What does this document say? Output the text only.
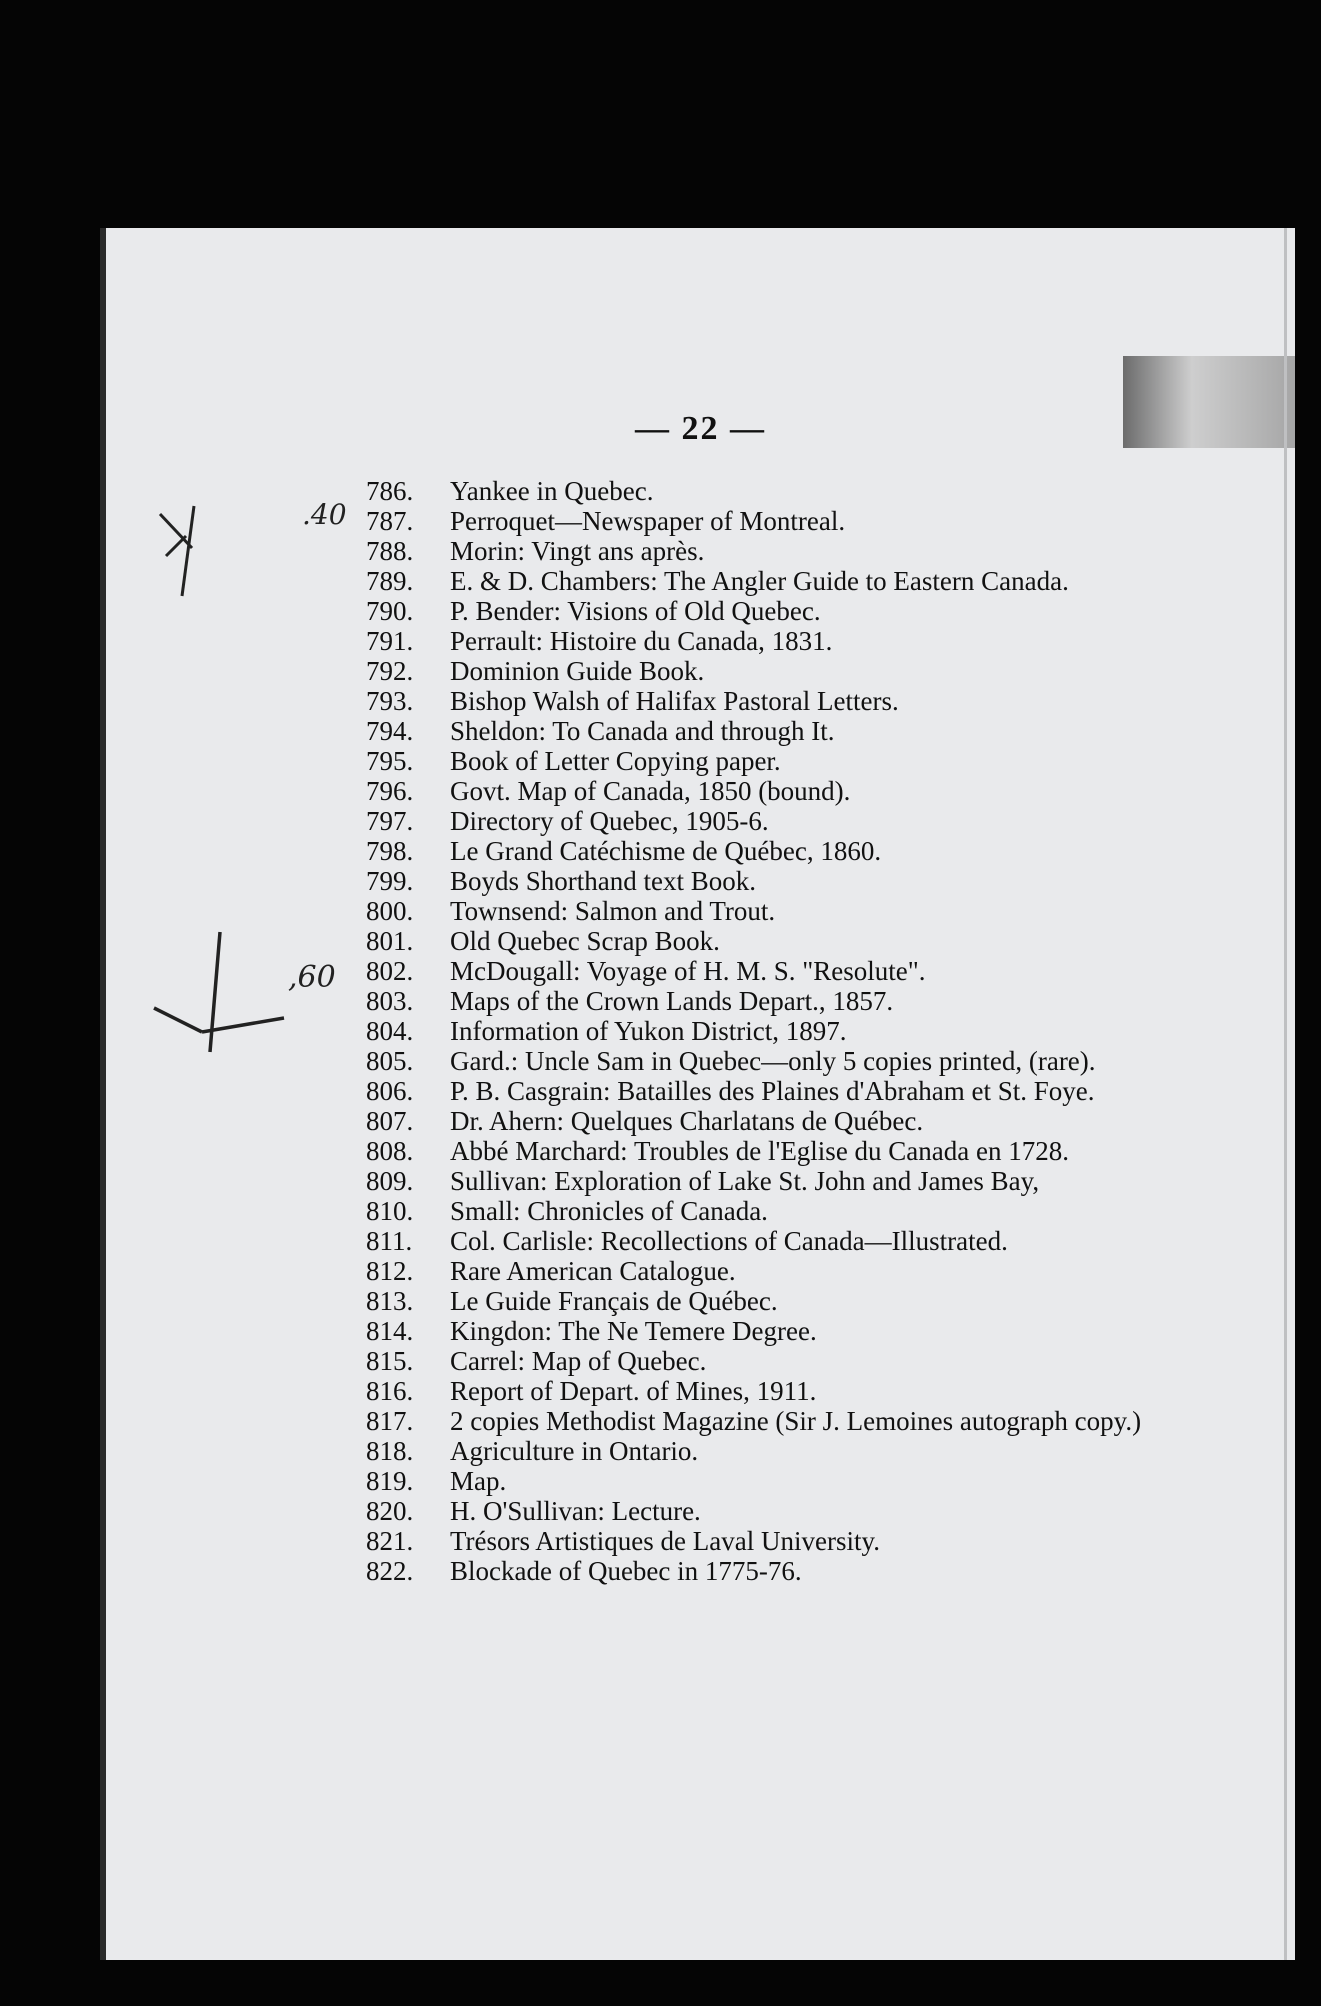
— 22 —
.40
,60
786.	Yankee in Quebec.
787.	Perroquet—Newspaper of Montreal.
788.	Morin: Vingt ans après.
789.	E. & D. Chambers: The Angler Guide to Eastern Canada.
790.	P. Bender: Visions of Old Quebec.
791.	Perrault: Histoire du Canada, 1831.
792.	Dominion Guide Book.
793.	Bishop Walsh of Halifax Pastoral Letters.
794.	Sheldon: To Canada and through It.
795.	Book of Letter Copying paper.
796.	Govt. Map of Canada, 1850 (bound).
797.	Directory of Quebec, 1905-6.
798.	Le Grand Catéchisme de Québec, 1860.
799.	Boyds Shorthand text Book.
800.	Townsend: Salmon and Trout.
801.	Old Quebec Scrap Book.
802.	McDougall: Voyage of H. M. S. "Resolute".
803.	Maps of the Crown Lands Depart., 1857.
804.	Information of Yukon District, 1897.
805.	Gard.: Uncle Sam in Quebec—only 5 copies printed, (rare).
806.	P. B. Casgrain: Batailles des Plaines d'Abraham et St. Foye.
807.	Dr. Ahern: Quelques Charlatans de Québec.
808.	Abbé Marchard: Troubles de l'Eglise du Canada en 1728.
809.	Sullivan: Exploration of Lake St. John and James Bay,
810.	Small: Chronicles of Canada.
811.	Col. Carlisle: Recollections of Canada—Illustrated.
812.	Rare American Catalogue.
813.	Le Guide Français de Québec.
814.	Kingdon: The Ne Temere Degree.
815.	Carrel: Map of Quebec.
816.	Report of Depart. of Mines, 1911.
817.	2 copies Methodist Magazine (Sir J. Lemoines autograph copy.)
818.	Agriculture in Ontario.
819.	Map.
820.	H. O'Sullivan: Lecture.
821.	Trésors Artistiques de Laval University.
822.	Blockade of Quebec in 1775-76.
